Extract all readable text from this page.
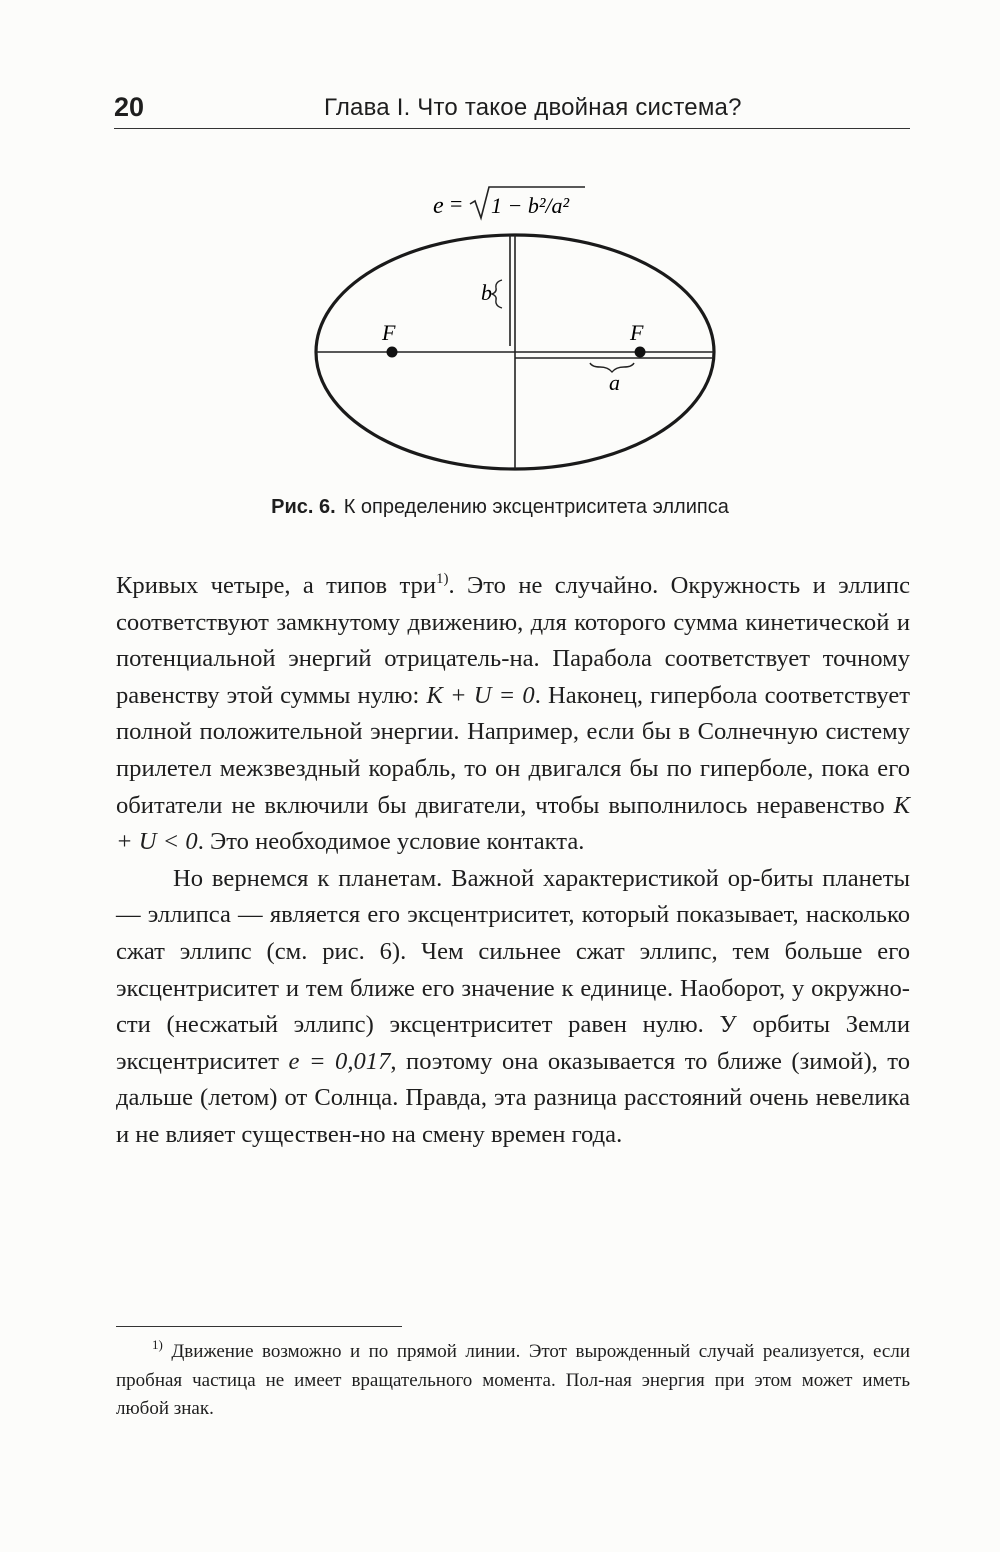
20	Глава I. Что такое двойная система?
e = 1 − b²/a²
F	F
b
a
Рис. 6. К определению эксцентриситета эллипса

Кривых четыре, а типов три$^{1)}$. Это не случайно. Окружность и эллипс соответствуют замкнутому движению, для которого сумма кинетической и потенциальной энергий отрицатель-на. Парабола соответствует точному равенству этой суммы нулю: K + U = 0. Наконец, гипербола соответствует полной положительной энергии. Например, если бы в Солнечную систему прилетел межзвездный корабль, то он двигался бы по гиперболе, пока его обитатели не включили бы двигатели, чтобы выполнилось неравенство K + U < 0. Это необходимое условие контакта.

Но вернемся к планетам. Важной характеристикой ор-биты планеты — эллипса — является его эксцентриситет, который показывает, насколько сжат эллипс (см. рис. 6). Чем сильнее сжат эллипс, тем больше его эксцентриситет и тем ближе его значение к единице. Наоборот, у окружно-сти (несжатый эллипс) эксцентриситет равен нулю. У орбиты Земли эксцентриситет e = 0,017, поэтому она оказывается то ближе (зимой), то дальше (летом) от Солнца. Правда, эта разница расстояний очень невелика и не влияет существен-но на смену времен года.

$^{1)}$ Движение возможно и по прямой линии. Этот вырожденный случай реализуется, если пробная частица не имеет вращательного момента. Пол-ная энергия при этом может иметь любой знак.
